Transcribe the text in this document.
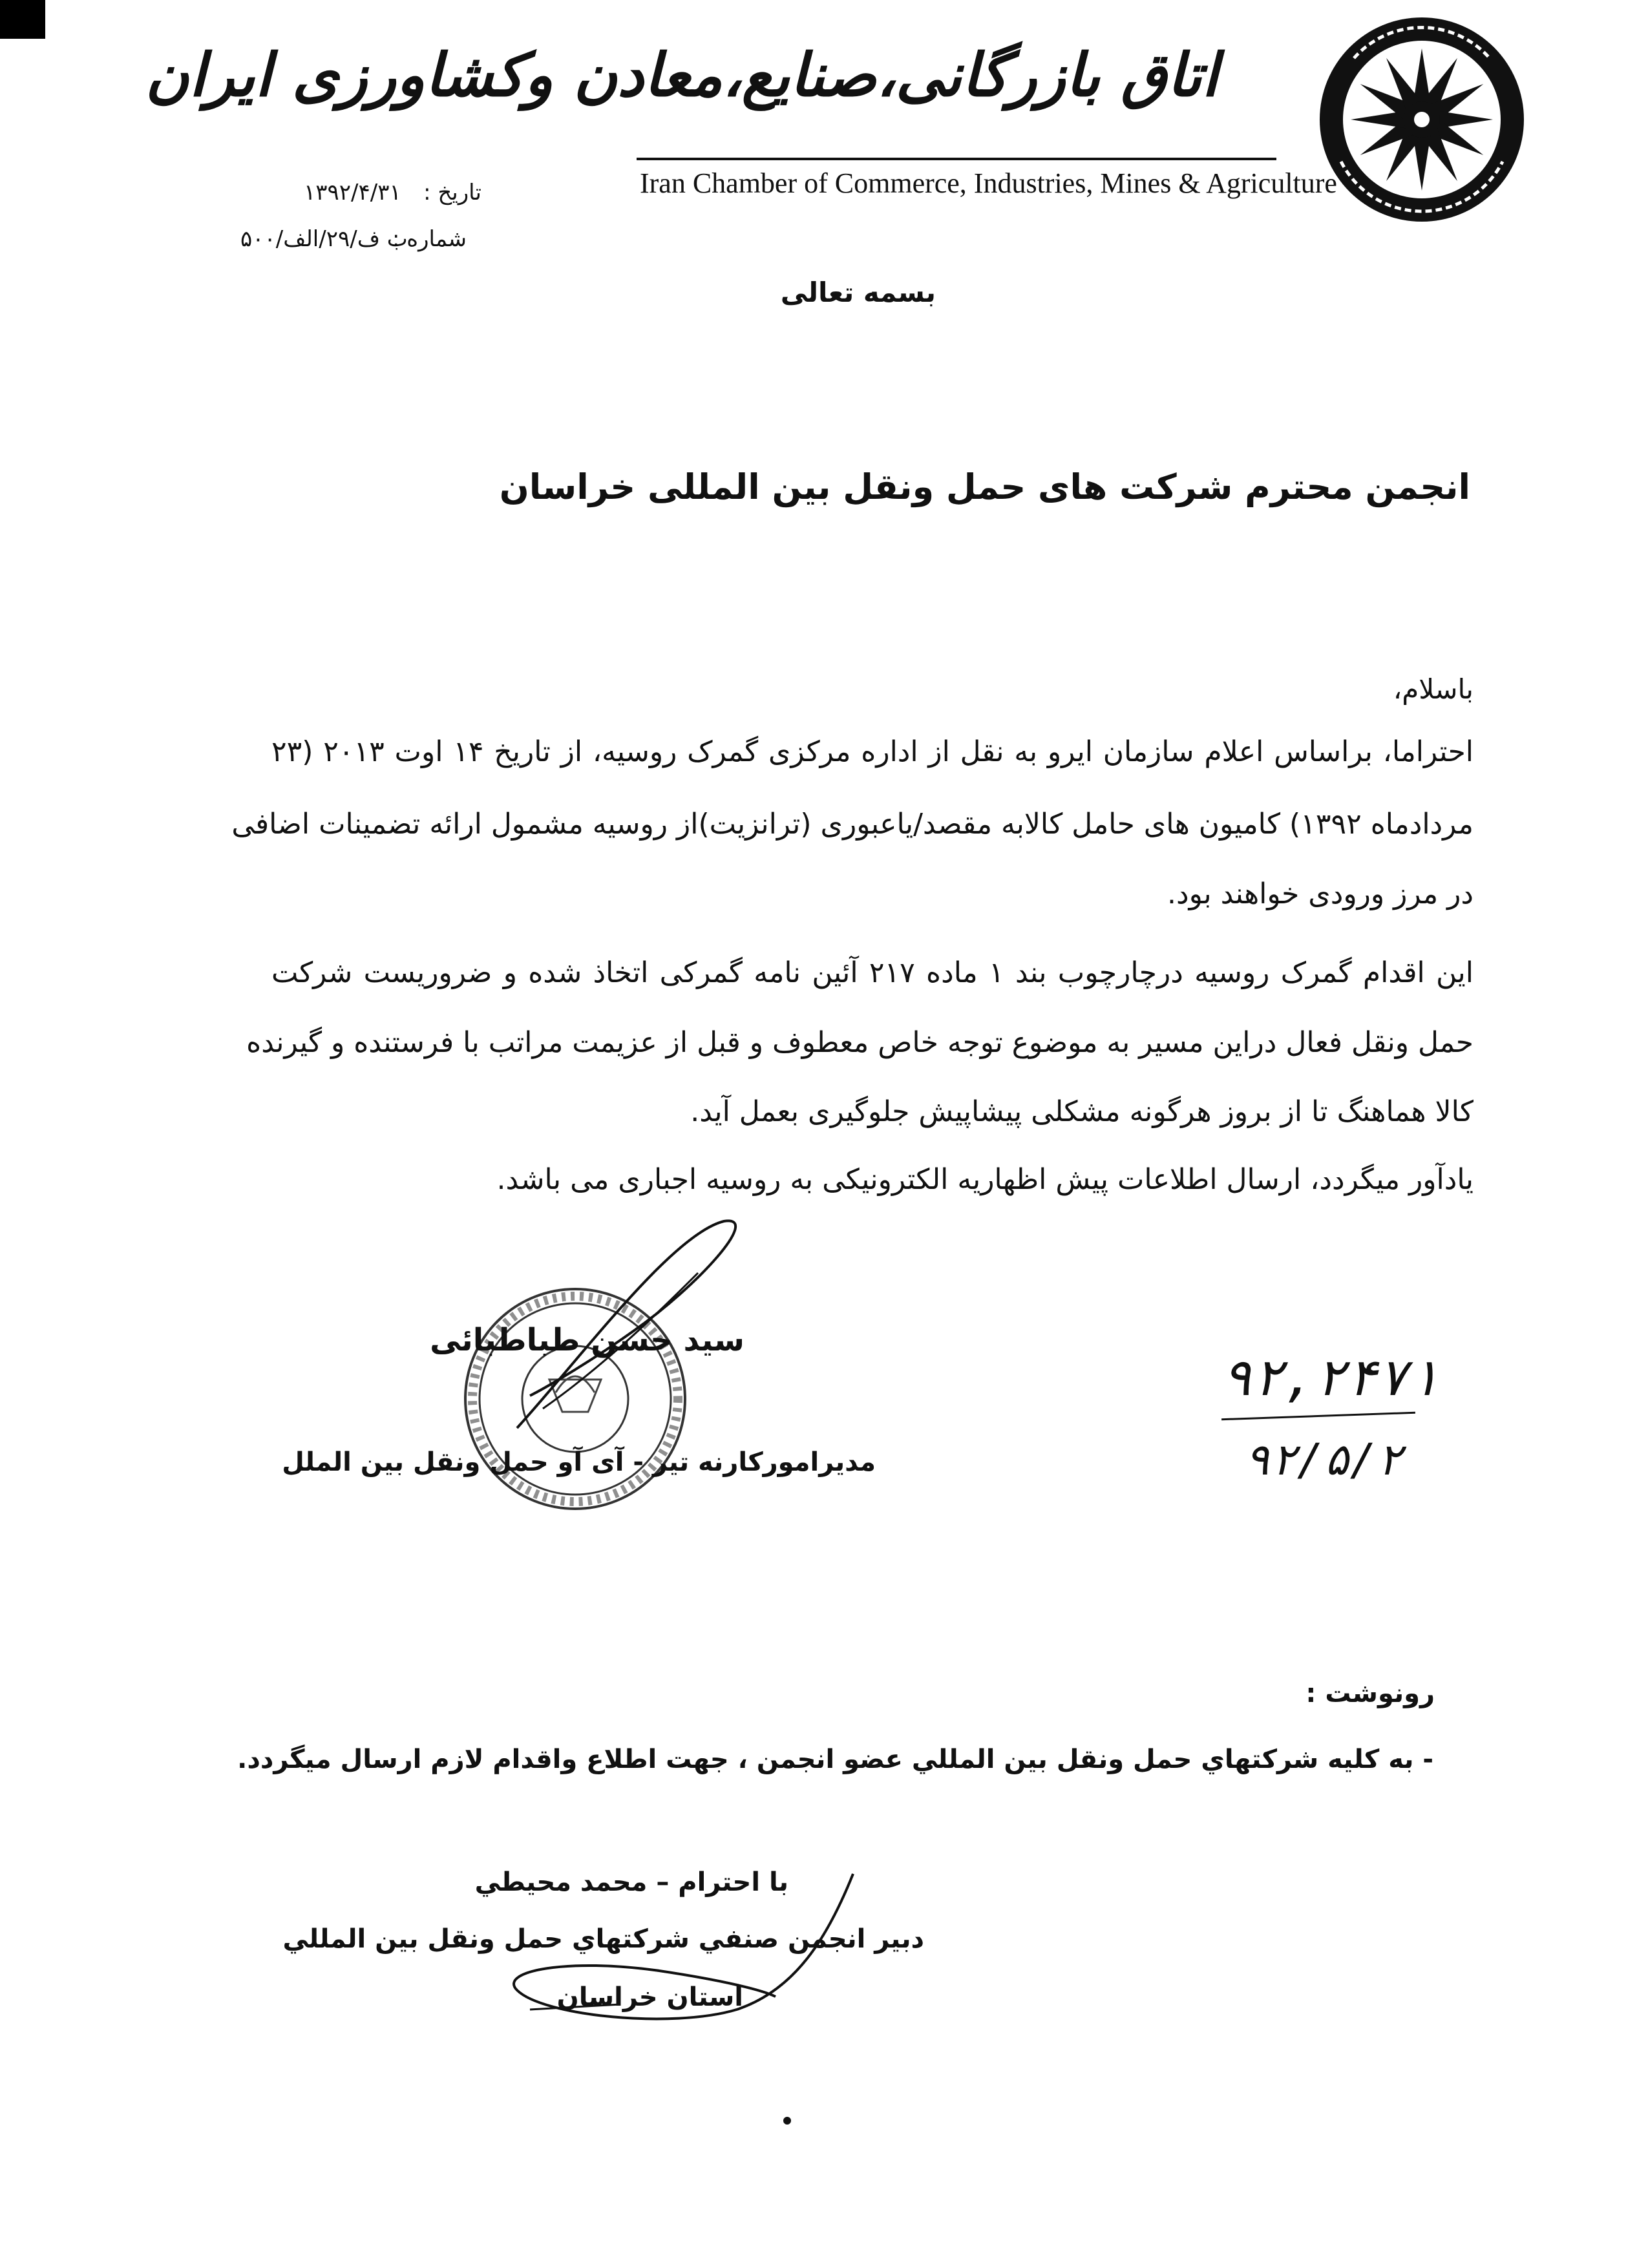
اتاق بازرگانی،صنایع،معادن وکشاورزی ایران
Iran Chamber of Commerce, Industries, Mines & Agriculture
تاریخ :
۱۳۹۲/۴/۳۱
شماره :
۵۰۰/ب ف/۲۹/الف
بسمه تعالی
انجمن محترم شرکت های حمل ونقل بین المللی خراسان
باسلام،
احتراما، براساس اعلام سازمان ایرو به نقل از اداره مرکزی گمرک روسیه، از تاریخ ۱۴ اوت ۲۰۱۳ (۲۳
مردادماه ۱۳۹۲) کامیون های حامل کالابه مقصد/یاعبوری (ترانزیت)از روسیه مشمول ارائه تضمینات اضافی
در مرز ورودی خواهند بود.
این اقدام گمرک روسیه درچارچوب بند ۱ ماده ۲۱۷ آئین نامه گمرکی اتخاذ شده و ضروریست شرکت
حمل ونقل فعال دراین مسیر به موضوع توجه خاص معطوف و قبل از عزیمت مراتب با فرستنده و گیرنده
کالا هماهنگ تا از بروز هرگونه مشکلی پیشاپیش جلوگیری بعمل آید.
یادآور میگردد، ارسال اطلاعات پیش اظهاریه الکترونیکی به روسیه اجباری می باشد.
سید حسن طباطبائی
مدیرامورکارنه تیر - آی آو حمل ونقل بین الملل
۹۲,۲۴۷۱
۹۲/۵/۲
رونوشت :
- به كليه شركتهاي حمل ونقل بين المللي عضو انجمن ، جهت اطلاع واقدام لازم ارسال ميگردد.
با احترام – محمد محيطي
دبير انجمن صنفي شركتهاي حمل ونقل بين المللي
استان خراسان
